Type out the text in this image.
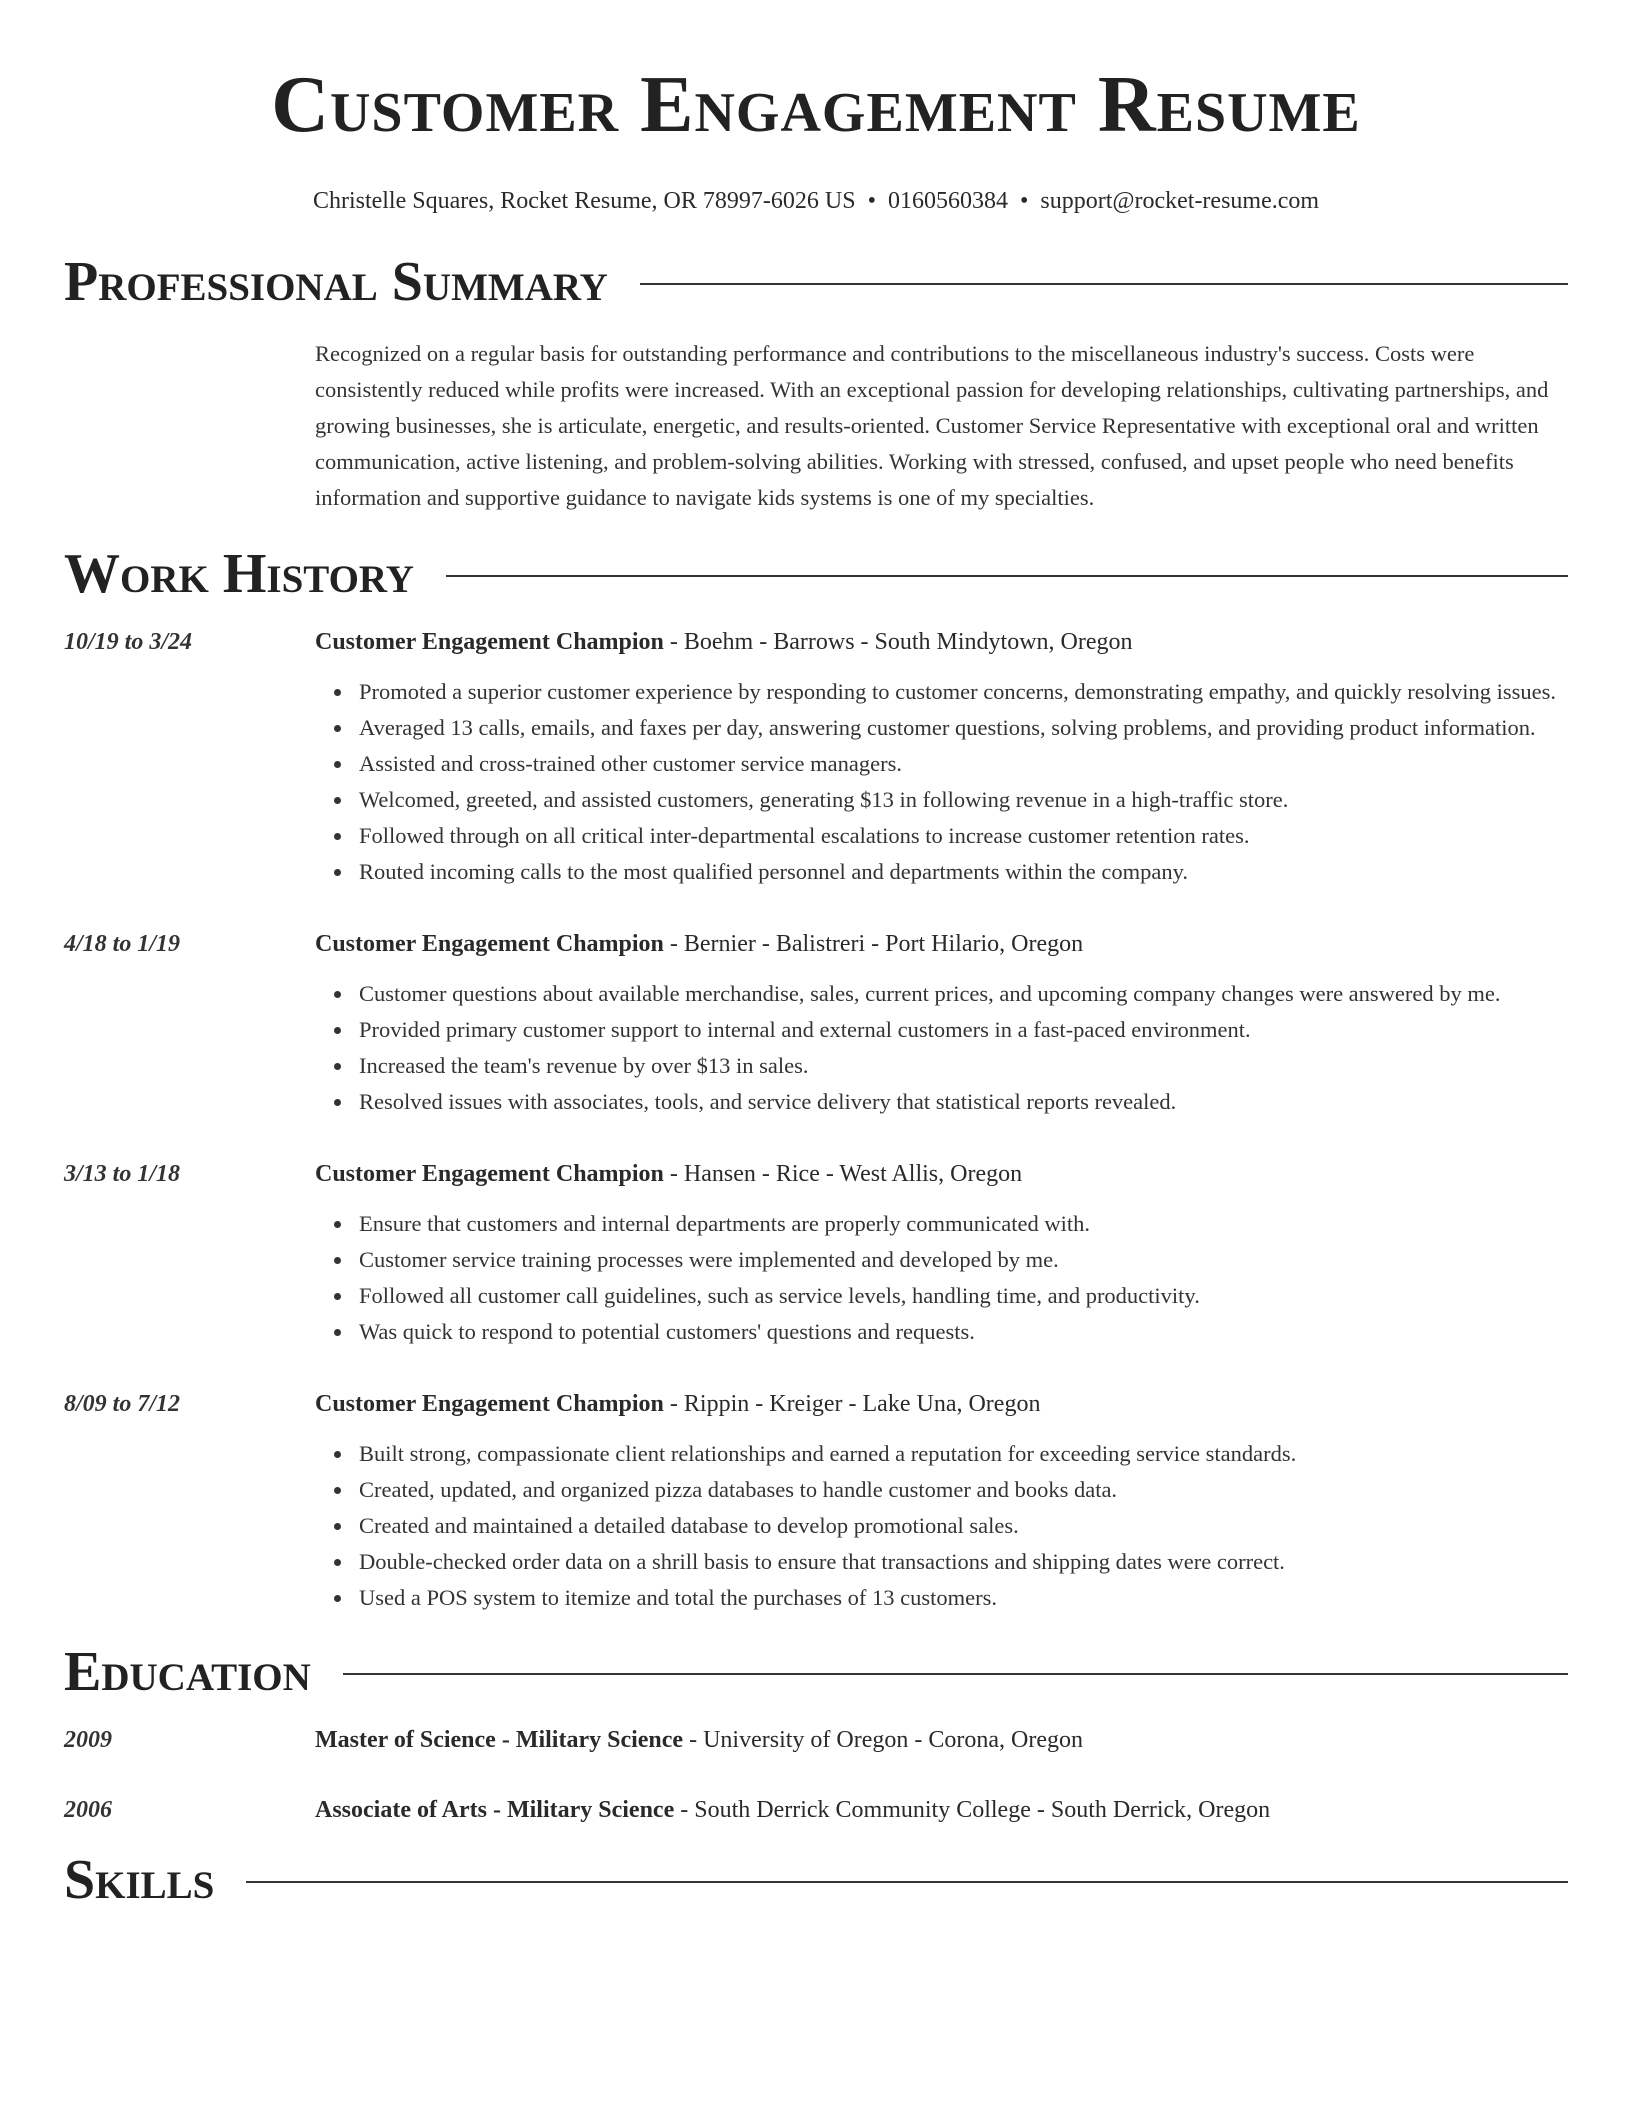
Customer Engagement Resume
Christelle Squares, Rocket Resume, OR 78997-6026 US • 0160560384 • support@rocket-resume.com
Professional Summary

Recognized on a regular basis for outstanding performance and contributions to the miscellaneous industry's success. Costs were consistently reduced while profits were increased. With an exceptional passion for developing relationships, cultivating partnerships, and growing businesses, she is articulate, energetic, and results-oriented. Customer Service Representative with exceptional oral and written communication, active listening, and problem-solving abilities. Working with stressed, confused, and upset people who need benefits information and supportive guidance to navigate kids systems is one of my specialties.

Work History
10/19 to 3/24	Customer Engagement Champion - Boehm - Barrows - South Mindytown, Oregon
Promoted a superior customer experience by responding to customer concerns, demonstrating empathy, and quickly resolving issues.
Averaged 13 calls, emails, and faxes per day, answering customer questions, solving problems, and providing product information.
Assisted and cross-trained other customer service managers.
Welcomed, greeted, and assisted customers, generating $13 in following revenue in a high-traffic store.
Followed through on all critical inter-departmental escalations to increase customer retention rates.
Routed incoming calls to the most qualified personnel and departments within the company.
4/18 to 1/19	Customer Engagement Champion - Bernier - Balistreri - Port Hilario, Oregon
Customer questions about available merchandise, sales, current prices, and upcoming company changes were answered by me.
Provided primary customer support to internal and external customers in a fast-paced environment.
Increased the team's revenue by over $13 in sales.
Resolved issues with associates, tools, and service delivery that statistical reports revealed.
3/13 to 1/18	Customer Engagement Champion - Hansen - Rice - West Allis, Oregon
Ensure that customers and internal departments are properly communicated with.
Customer service training processes were implemented and developed by me.
Followed all customer call guidelines, such as service levels, handling time, and productivity.
Was quick to respond to potential customers' questions and requests.
8/09 to 7/12	Customer Engagement Champion - Rippin - Kreiger - Lake Una, Oregon
Built strong, compassionate client relationships and earned a reputation for exceeding service standards.
Created, updated, and organized pizza databases to handle customer and books data.
Created and maintained a detailed database to develop promotional sales.
Double-checked order data on a shrill basis to ensure that transactions and shipping dates were correct.
Used a POS system to itemize and total the purchases of 13 customers.
Education
2009	Master of Science - Military Science - University of Oregon - Corona, Oregon
2006	Associate of Arts - Military Science - South Derrick Community College - South Derrick, Oregon
Skills
